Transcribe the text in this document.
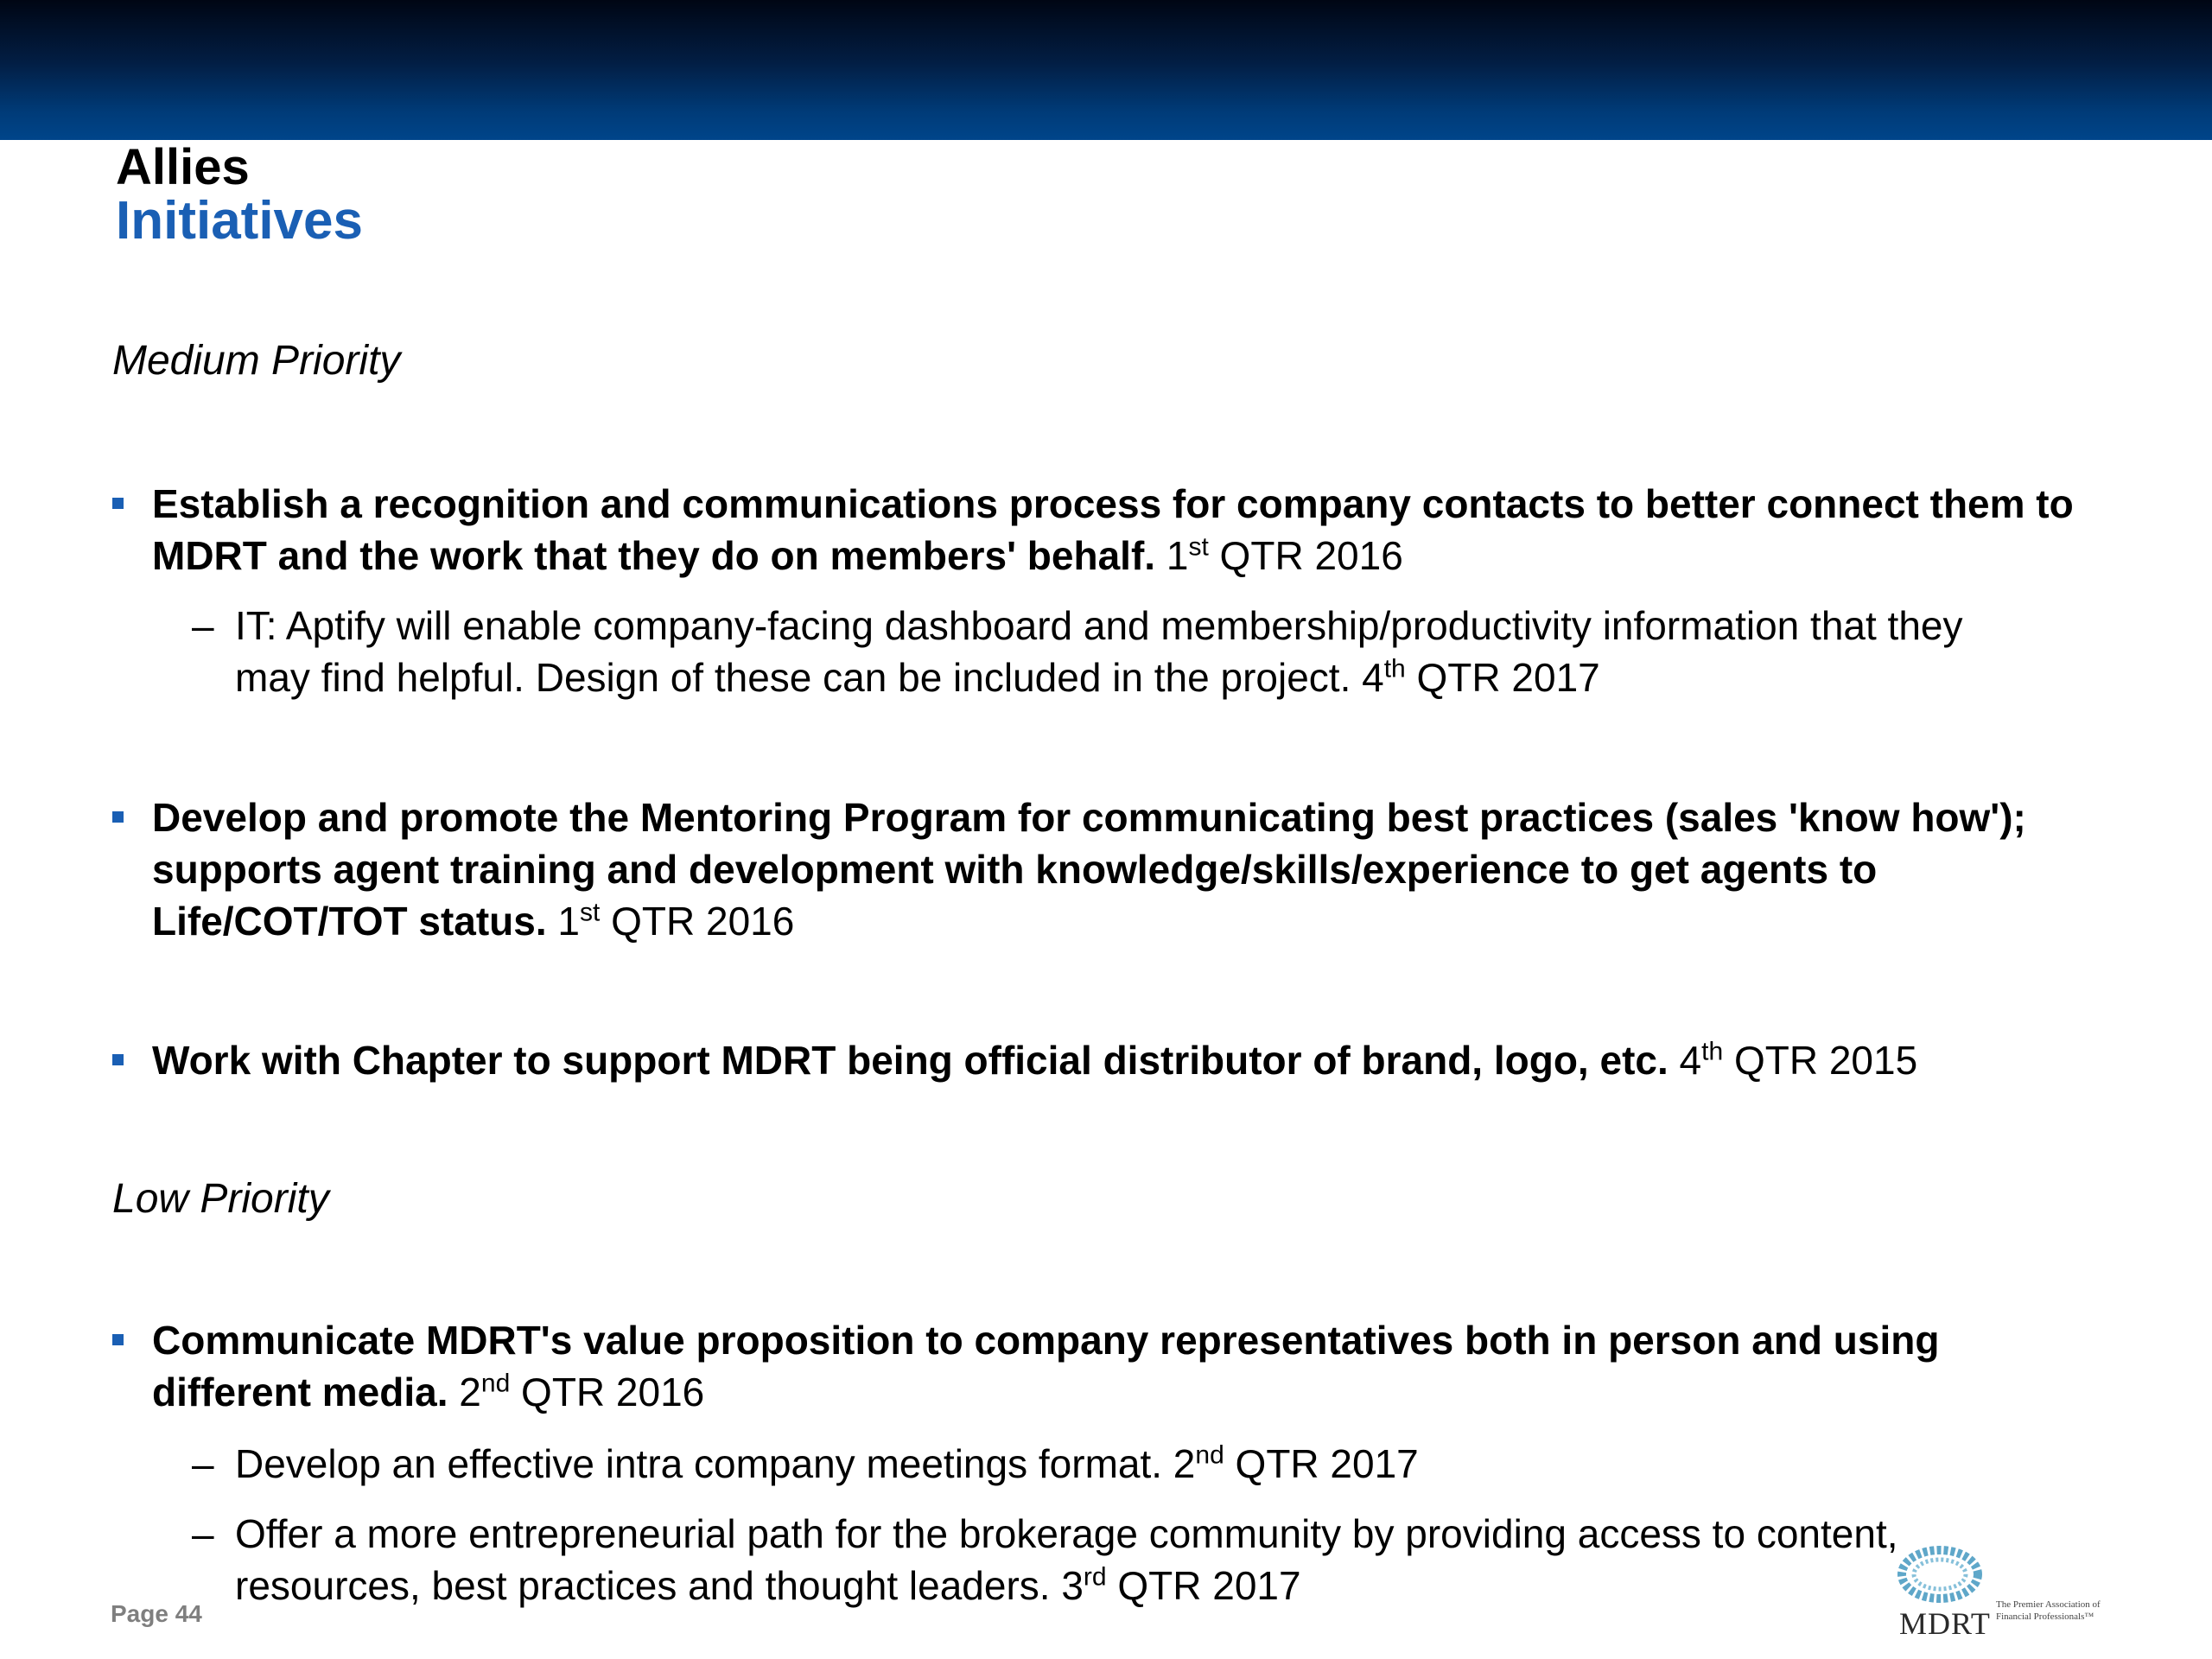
Allies
Initiatives
Medium Priority
Establish a recognition and communications process for company contacts to better connect them to MDRT and the work that they do on members' behalf. 1st QTR 2016
– IT: Aptify will enable company-facing dashboard and membership/productivity information that they may find helpful. Design of these can be included in the project. 4th QTR 2017
Develop and promote the Mentoring Program for communicating best practices (sales 'know how'); supports agent training and development with knowledge/skills/experience to get agents to Life/COT/TOT status. 1st QTR 2016
Work with Chapter to support MDRT being official distributor of brand, logo, etc. 4th QTR 2015
Low Priority
Communicate MDRT's value proposition to company representatives both in person and using different media. 2nd QTR 2016
– Develop an effective intra company meetings format. 2nd QTR 2017
– Offer a more entrepreneurial path for the brokerage community by providing access to content, resources, best practices and thought leaders. 3rd QTR 2017
Page 44	MDRT
The Premier Association of Financial Professionals™
